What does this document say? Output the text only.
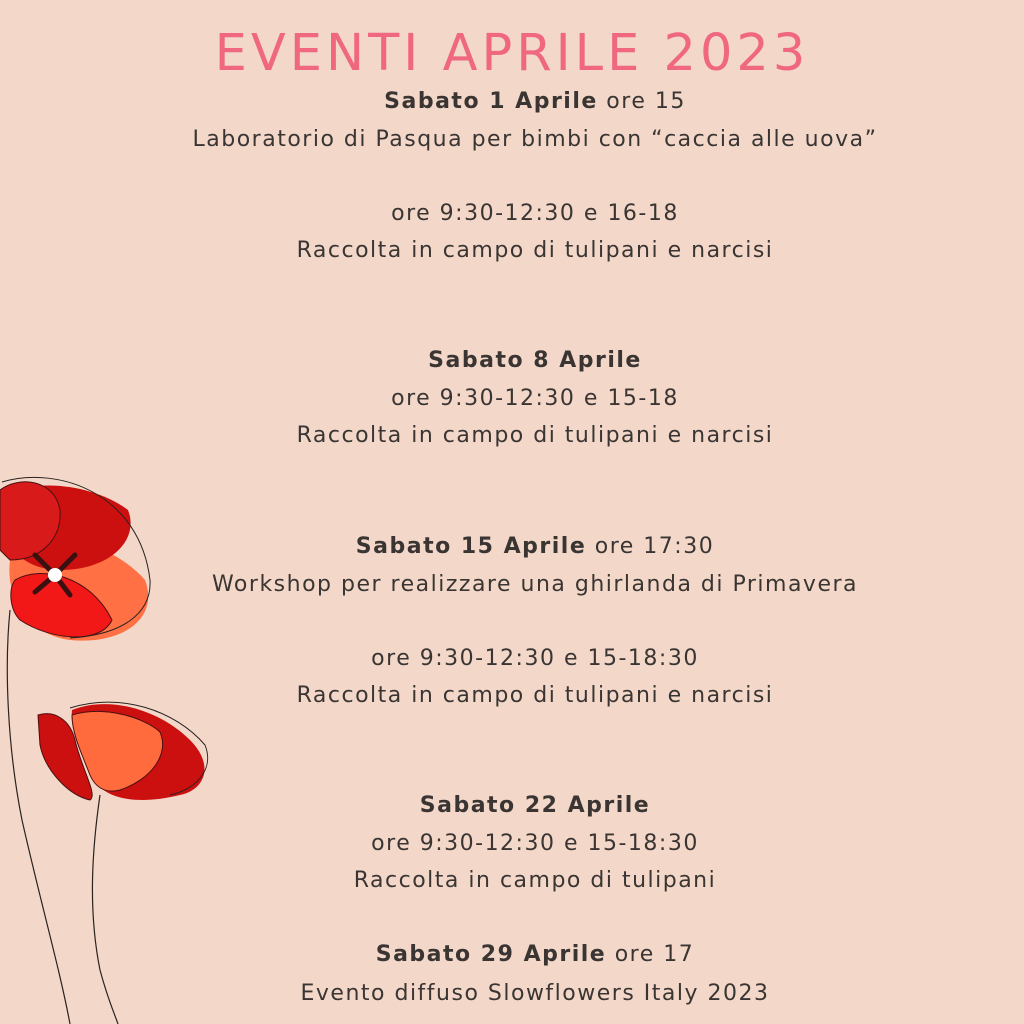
EVENTI APRILE 2023
Sabato 1 Aprile ore 15
Laboratorio di Pasqua per bimbi con “caccia alle uova”
ore 9:30-12:30 e 16-18
Raccolta in campo di tulipani e narcisi
Sabato 8 Aprile
ore 9:30-12:30 e 15-18
Raccolta in campo di tulipani e narcisi
Sabato 15 Aprile ore 17:30
Workshop per realizzare una ghirlanda di Primavera
ore 9:30-12:30 e 15-18:30
Raccolta in campo di tulipani e narcisi
Sabato 22 Aprile
ore 9:30-12:30 e 15-18:30
Raccolta in campo di tulipani
Sabato 29 Aprile ore 17
Evento diffuso Slowflowers Italy 2023
